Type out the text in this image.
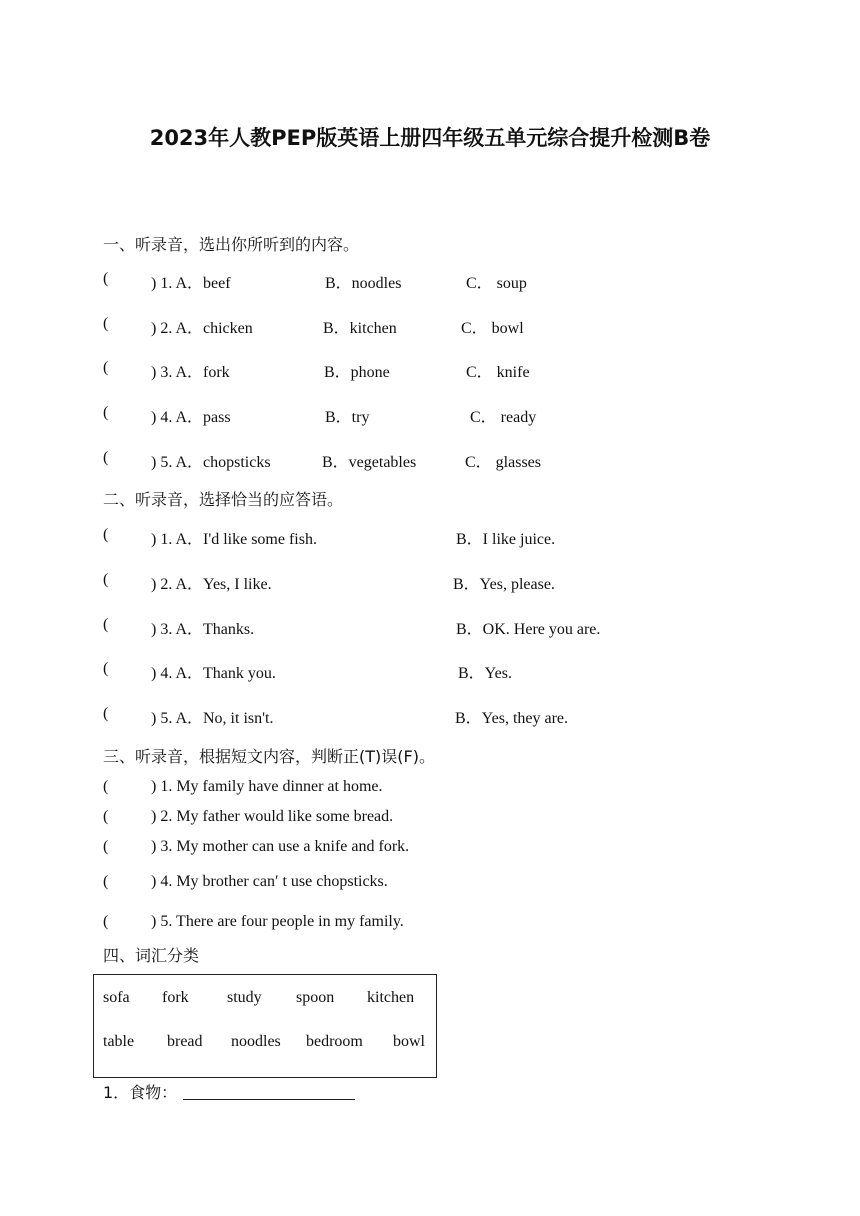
2023年人教PEP版英语上册四年级五单元综合提升检测B卷
一、听录音，选出你所听到的内容。
(	) 1. A．beef	B．noodles	C． soup
(	) 2. A．chicken	B．kitchen	C． bowl
(	) 3. A．fork	B．phone	C． knife
(	) 4. A．pass	B．try	C． ready
(	) 5. A．chopsticks	B．vegetables	C． glasses
二、听录音，选择恰当的应答语。
(	) 1. A．I'd like some fish.	B．I like juice.
(	) 2. A．Yes, I like.	B．Yes, please.
(	) 3. A．Thanks.	B．OK. Here you are.
(	) 4. A．Thank you.	B．Yes.
(	) 5. A．No, it isn't.	B．Yes, they are.
三、听录音，根据短文内容，判断正(T)误(F)。
(	) 1. My family have dinner at home.
(	) 2. My father would like some bread.
(	) 3. My mother can use a knife and fork.
(	) 4. My brother can′ t use chopsticks.
(	) 5. There are four people in my family.
四、词汇分类
sofa fork study spoon kitchen
table bread noodles bedroom bowl
1．食物：
